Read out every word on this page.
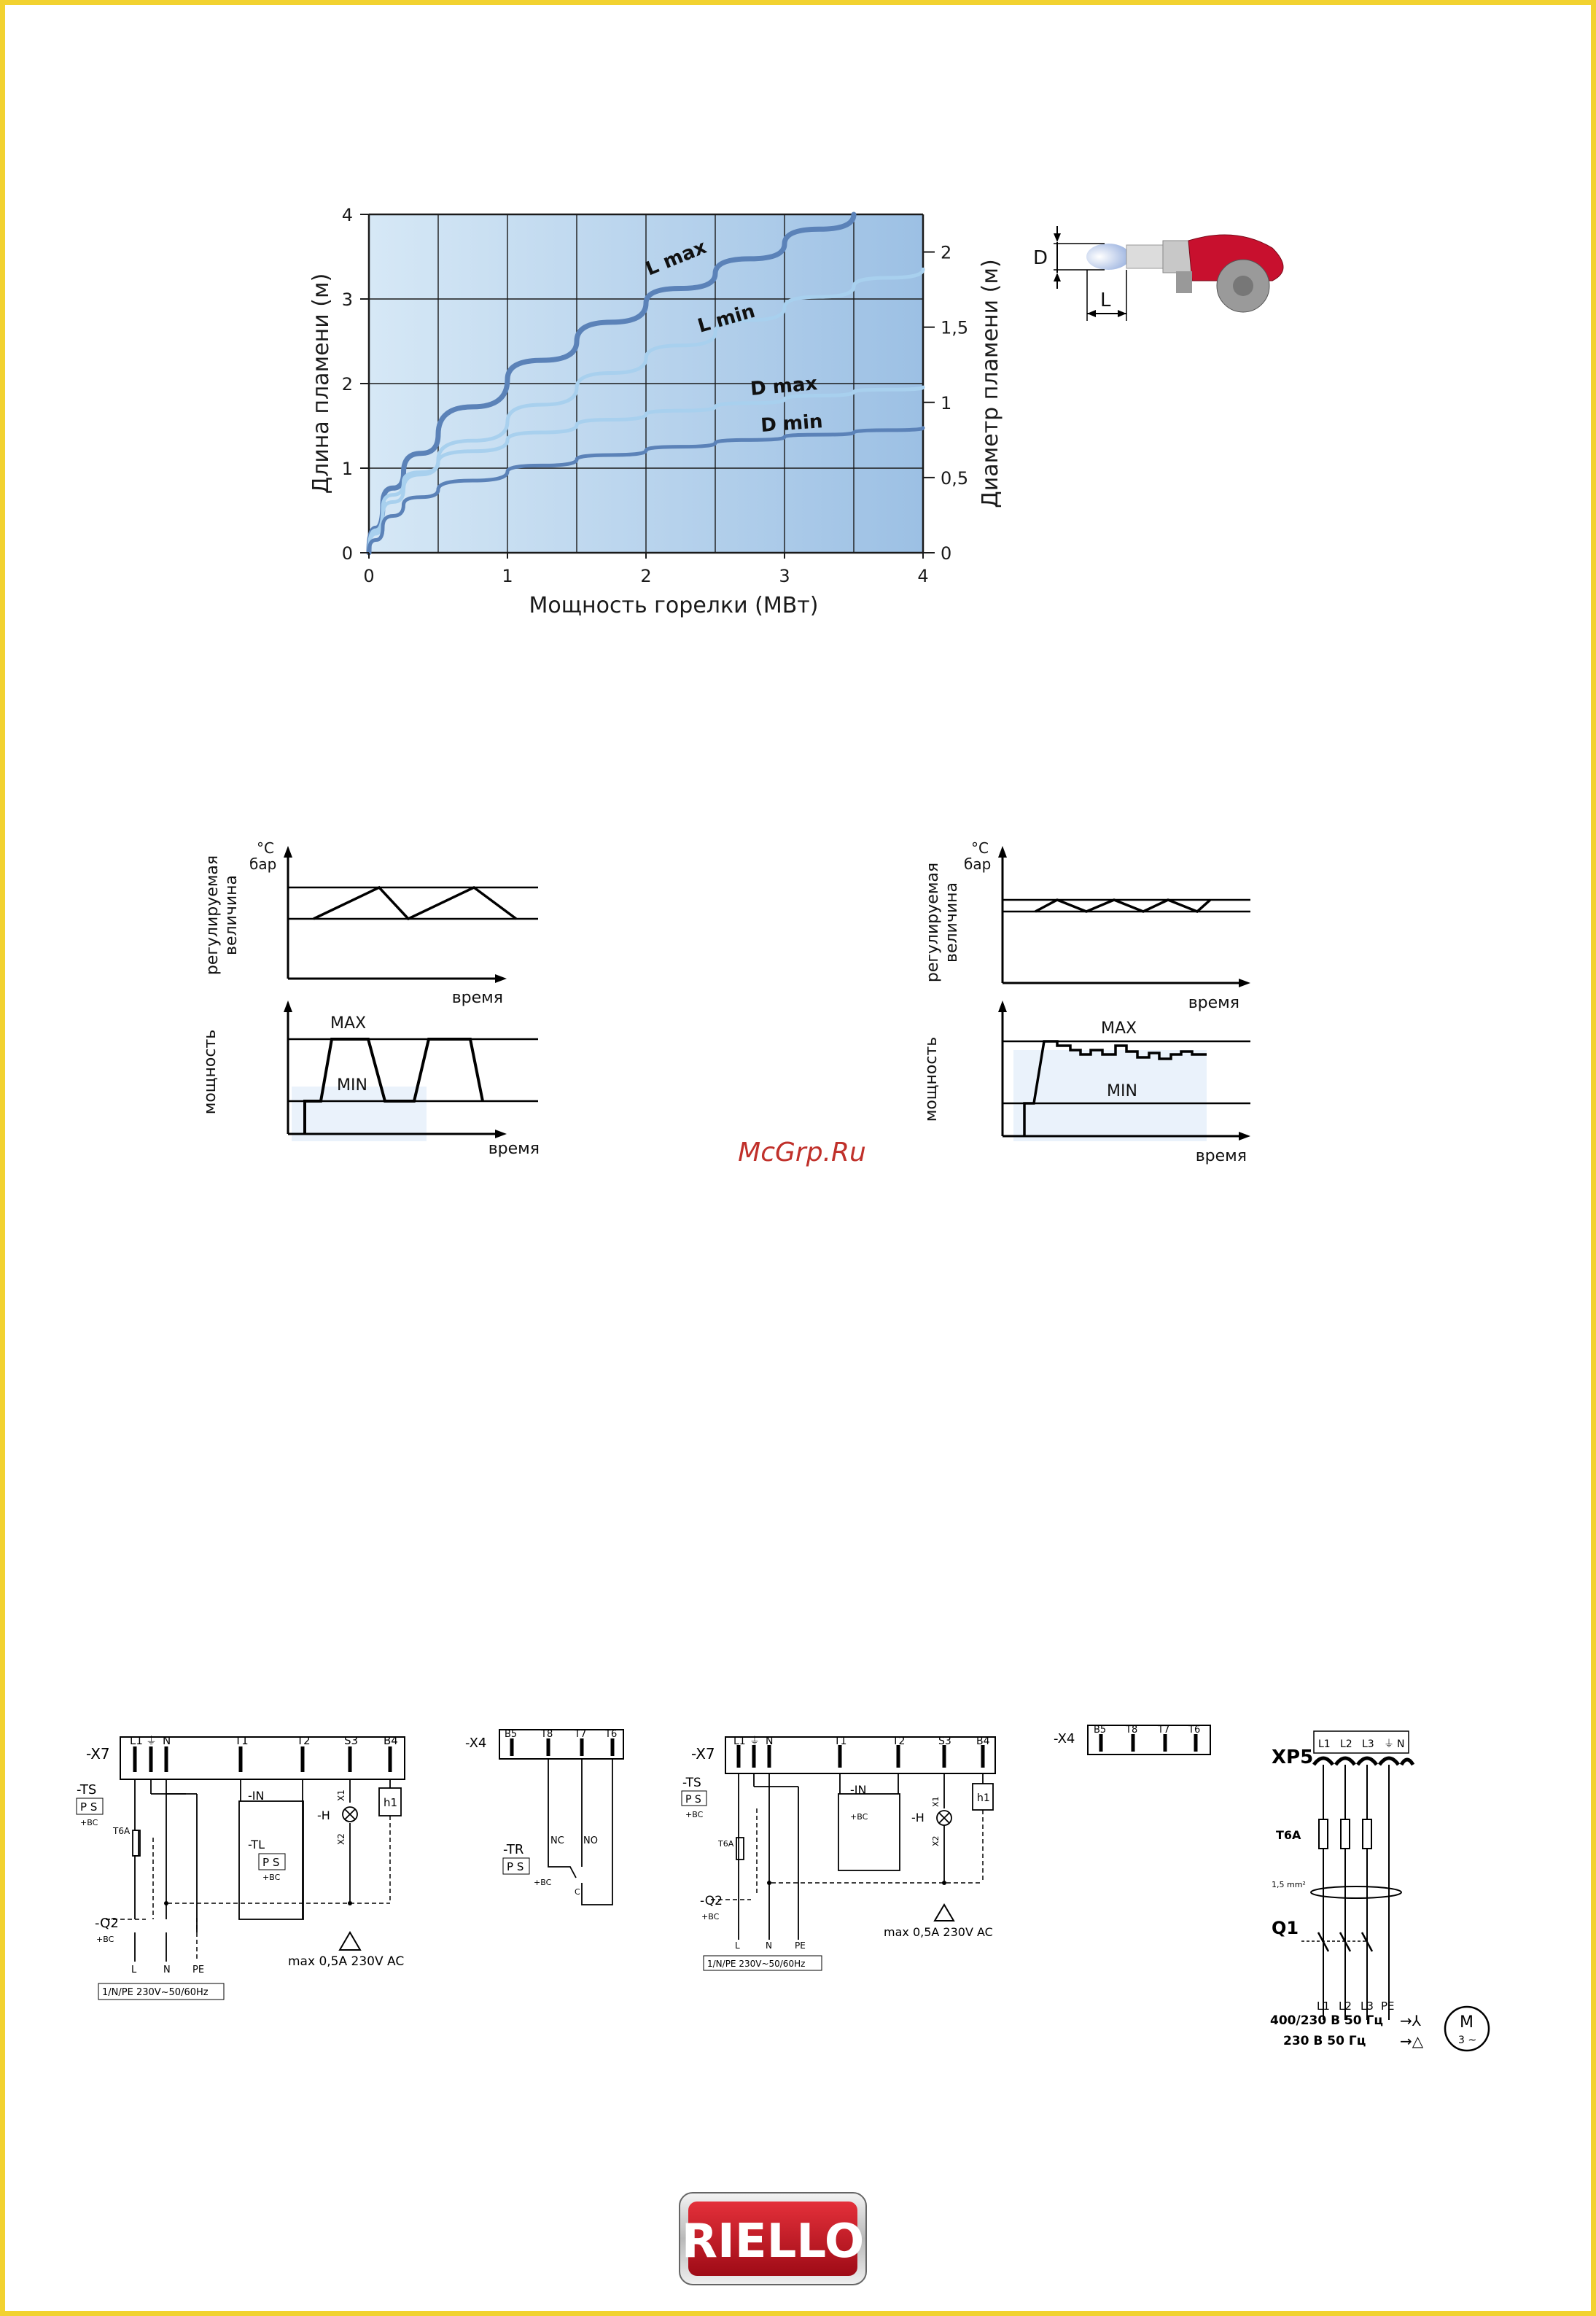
0	1	2	3	4
0
1
2
3
4
0
0,5
1
1,5
2
Мощность горелки (МВт)
Длина пламени (м)	Диаметр пламени (м)
L max
L min
D max
D min
D
L
°C бар
регулируемаявеличина
время
MAX
MIN
мощность
время
°C бар
регулируемаявеличина
время
MAX
MIN
мощность
время
McGrp.Ru
-X7
L1 ⏚ N	T1	T2	S3 B4
-TS
P S
+BC
T6A
-IN
-TL
P S
+BC
-H
X1
X2
h1
-Q2
+BC
L	N PE
max 0,5A 230V AC
1/N/PE 230V~50/60Hz
-X4
B5	T8 T7 T6
NC NO
C
-TR
P S
+BC
-X7
L1 ⏚ N	T1	T2	S3 B4
-TS
P S
+BC
T6A
-IN
+BC	-H
X1
X2
h1
-Q2
+BC
L	N	PE
max 0,5A 230V AC
1/N/PE 230V~50/60Hz
-X4
B5 T8 T7 T6
XP5
L1 L2 L3 ⏚ N
T6A
1,5 mm²
Q1
L1 L2 L3 PE
400/230 В 50 Гц
230 В 50 Гц
→⅄
→△
M
3 ~
RIELLO
